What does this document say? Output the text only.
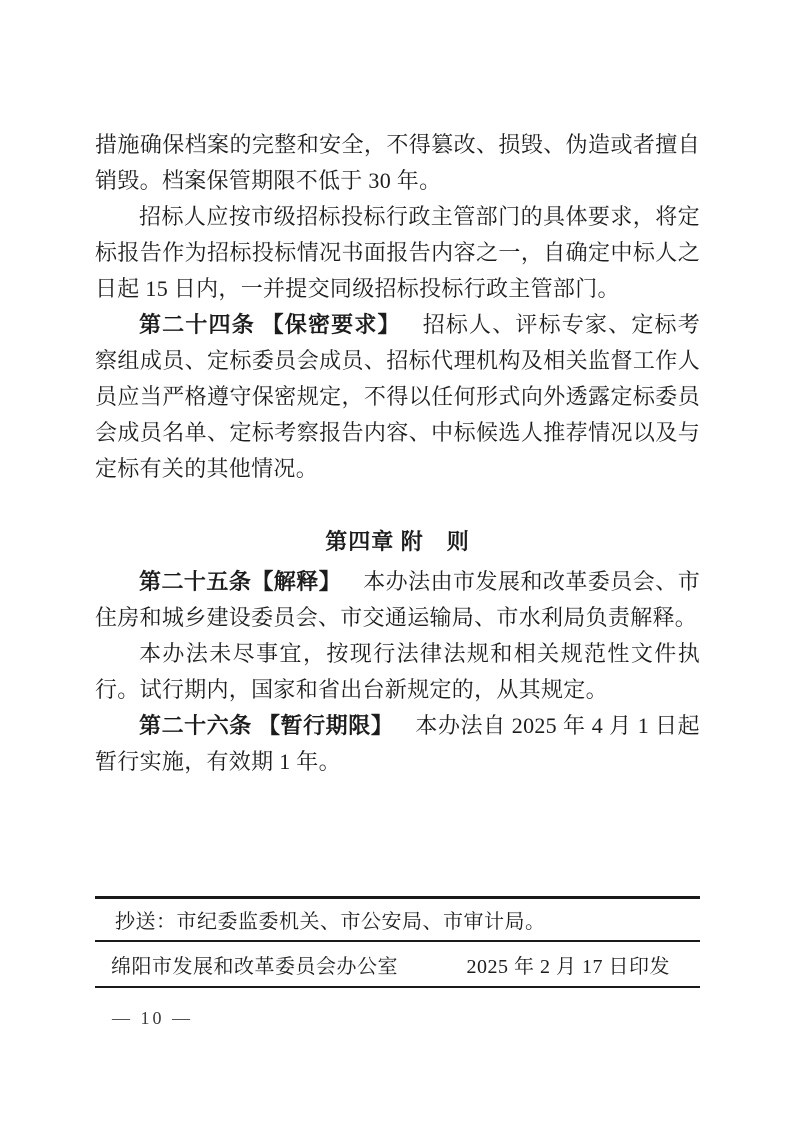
措施确保档案的完整和安全，不得篡改、损毁、伪造或者擅自销毁。档案保管期限不低于 30 年。

招标人应按市级招标投标行政主管部门的具体要求，将定标报告作为招标投标情况书面报告内容之一，自确定中标人之日起 15 日内，一并提交同级招标投标行政主管部门。

第二十四条 【保密要求】 招标人、评标专家、定标考察组成员、定标委员会成员、招标代理机构及相关监督工作人员应当严格遵守保密规定，不得以任何形式向外透露定标委员会成员名单、定标考察报告内容、中标候选人推荐情况以及与定标有关的其他情况。

第四章 附　则

第二十五条【解释】 本办法由市发展和改革委员会、市住房和城乡建设委员会、市交通运输局、市水利局负责解释。

本办法未尽事宜，按现行法律法规和相关规范性文件执行。试行期内，国家和省出台新规定的，从其规定。

第二十六条 【暂行期限】 本办法自 2025 年 4 月 1 日起暂行实施，有效期 1 年。

抄送：市纪委监委机关、市公安局、市审计局。
绵阳市发展和改革委员会办公室	2025 年 2 月 17 日印发
— 10 —
